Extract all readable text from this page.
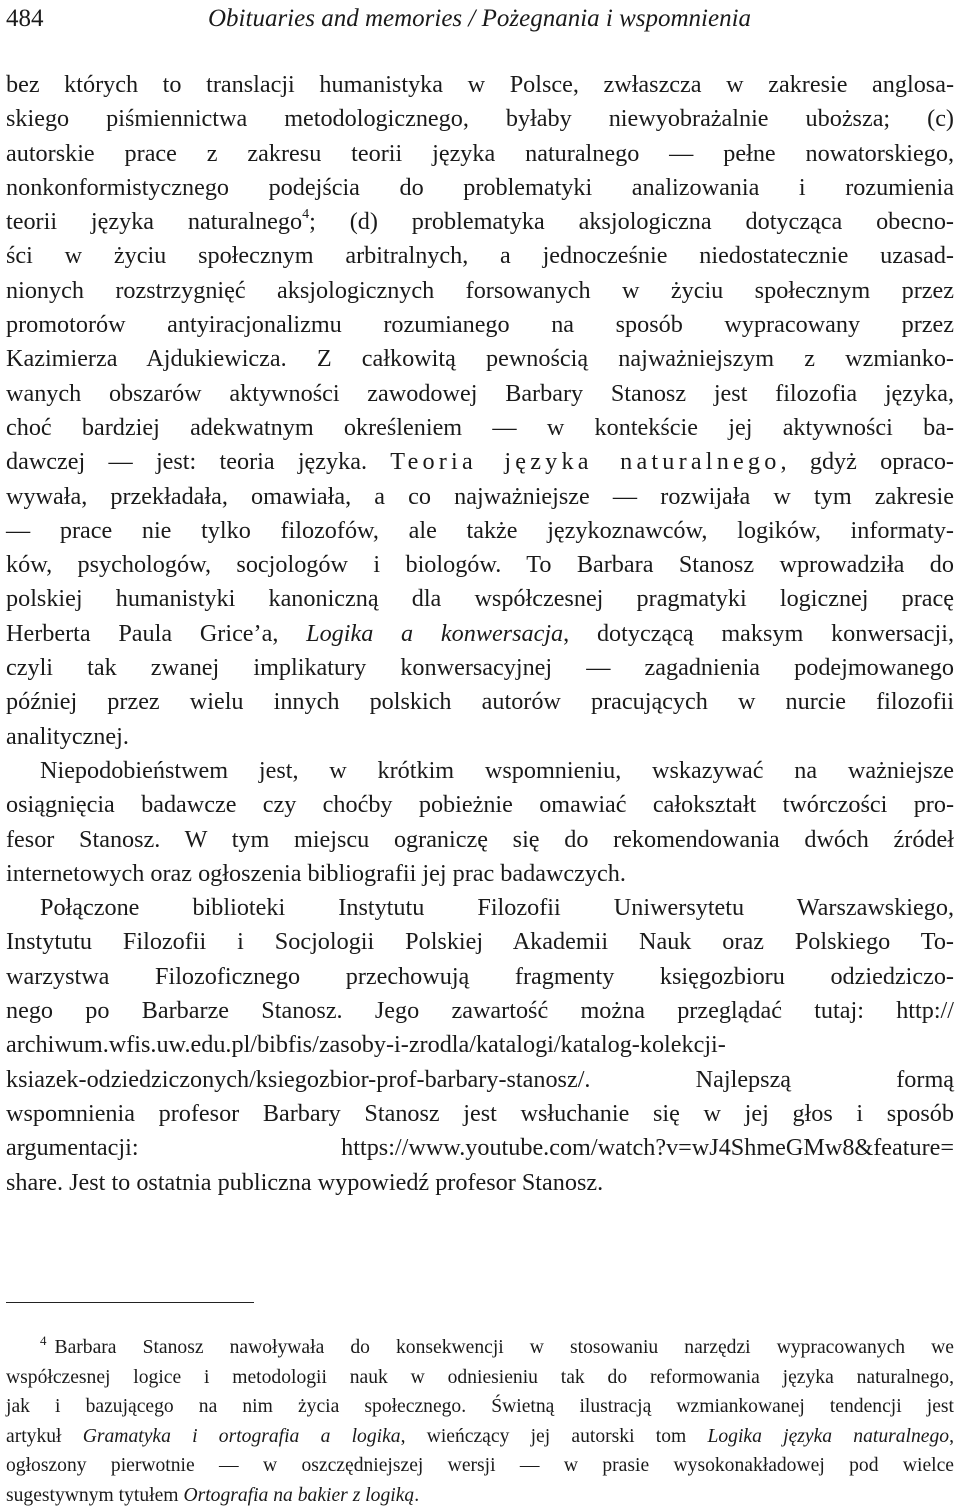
484	Obituaries and memories / Pożegnania i wspomnienia

bez których to translacji humanistyka w Polsce, zwłaszcza w zakresie anglosa-
skiego piśmiennictwa metodologicznego, byłaby niewyobrażalnie uboższa; (c)
autorskie prace z zakresu teorii języka naturalnego — pełne nowatorskiego,
nonkonformistycznego podejścia do problematyki analizowania i rozumienia
teorii języka naturalnego$^4$; (d) problematyka aksjologiczna dotycząca obecno-
ści w życiu społecznym arbitralnych, a jednocześnie niedostatecznie uzasad-
nionych rozstrzygnięć aksjologicznych forsowanych w życiu społecznym przez
promotorów antyiracjonalizmu rozumianego na sposób wypracowany przez
Kazimierza Ajdukiewicza. Z całkowitą pewnością najważniejszym z wzmianko-
wanych obszarów aktywności zawodowej Barbary Stanosz jest filozofia języka,
choć bardziej adekwatnym określeniem — w kontekście jej aktywności ba-
dawczej — jest: teoria języka. Teoria języka naturalnego, gdyż opraco-
wywała, przekładała, omawiała, a co najważniejsze — rozwijała w tym zakresie
— prace nie tylko filozofów, ale także językoznawców, logików, informaty-
ków, psychologów, socjologów i biologów. To Barbara Stanosz wprowadziła do
polskiej humanistyki kanoniczną dla współczesnej pragmatyki logicznej pracę
Herberta Paula Grice’a, Logika a konwersacja, dotyczącą maksym konwersacji,
czyli tak zwanej implikatury konwersacyjnej — zagadnienia podejmowanego
później przez wielu innych polskich autorów pracujących w nurcie filozofii
analitycznej.

Niepodobieństwem jest, w krótkim wspomnieniu, wskazywać na ważniejsze
osiągnięcia badawcze czy choćby pobieżnie omawiać całokształt twórczości pro-
fesor Stanosz. W tym miejscu ograniczę się do rekomendowania dwóch źródeł
internetowych oraz ogłoszenia bibliografii jej prac badawczych.

Połączone biblioteki Instytutu Filozofii Uniwersytetu Warszawskiego,
Instytutu Filozofii i Socjologii Polskiej Akademii Nauk oraz Polskiego To-
warzystwa Filozoficznego przechowują fragmenty księgozbioru odziedziczo-
nego po Barbarze Stanosz. Jego zawartość można przeglądać tutaj: http://
archiwum.wfis.uw.edu.pl/bibfis/zasoby-i-zrodla/katalogi/katalog-kolekcji-
ksiazek-odziedziczonych/ksiegozbior-prof-barbary-stanosz/. Najlepszą formą
wspomnienia profesor Barbary Stanosz jest wsłuchanie się w jej głos i sposób
argumentacji: https://www.youtube.com/watch?v=wJ4ShmeGMw8&feature=
share. Jest to ostatnia publiczna wypowiedź profesor Stanosz.

$^4$ Barbara Stanosz nawoływała do konsekwencji w stosowaniu narzędzi wypracowanych we
współczesnej logice i metodologii nauk w odniesieniu tak do reformowania języka naturalnego,
jak i bazującego na nim życia społecznego. Świetną ilustracją wzmiankowanej tendencji jest
artykuł Gramatyka i ortografia a logika, wieńczący jej autorski tom Logika języka naturalnego,
ogłoszony pierwotnie — w oszczędniejszej wersji — w prasie wysokonakładowej pod wielce
sugestywnym tytułem Ortografia na bakier z logiką.
